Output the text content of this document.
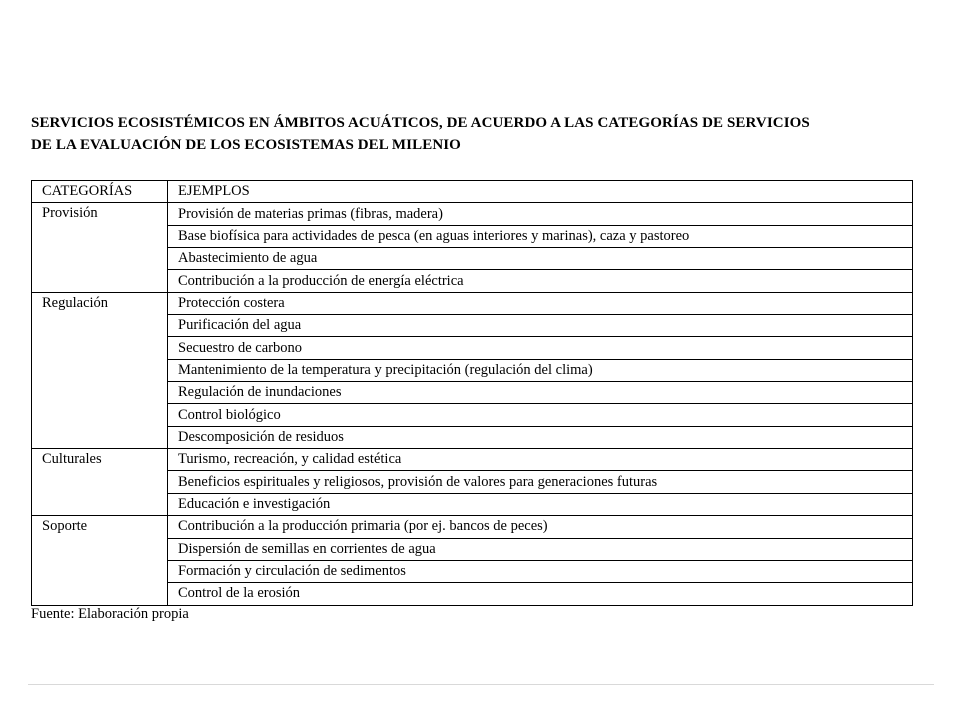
SERVICIOS ECOSISTÉMICOS EN ÁMBITOS ACUÁTICOS, DE ACUERDO A LAS CATEGORÍAS DE SERVICIOS
DE LA EVALUACIÓN DE LOS ECOSISTEMAS DEL MILENIO
CATEGORÍAS	EJEMPLOS
Provisión	Provisión de materias primas (fibras, madera)
	Base biofísica para actividades de pesca (en aguas interiores y marinas), caza y pastoreo
	Abastecimiento de agua
	Contribución a la producción de energía eléctrica
Regulación	Protección costera
	Purificación del agua
	Secuestro de carbono
	Mantenimiento de la temperatura y precipitación (regulación del clima)
	Regulación de inundaciones
	Control biológico
	Descomposición de residuos
Culturales	Turismo, recreación, y calidad estética
	Beneficios espirituales y religiosos, provisión de valores para generaciones futuras
	Educación e investigación
Soporte	Contribución a la producción primaria (por ej. bancos de peces)
	Dispersión de semillas en corrientes de agua
	Formación y circulación de sedimentos
	Control de la erosión
Fuente: Elaboración propia
